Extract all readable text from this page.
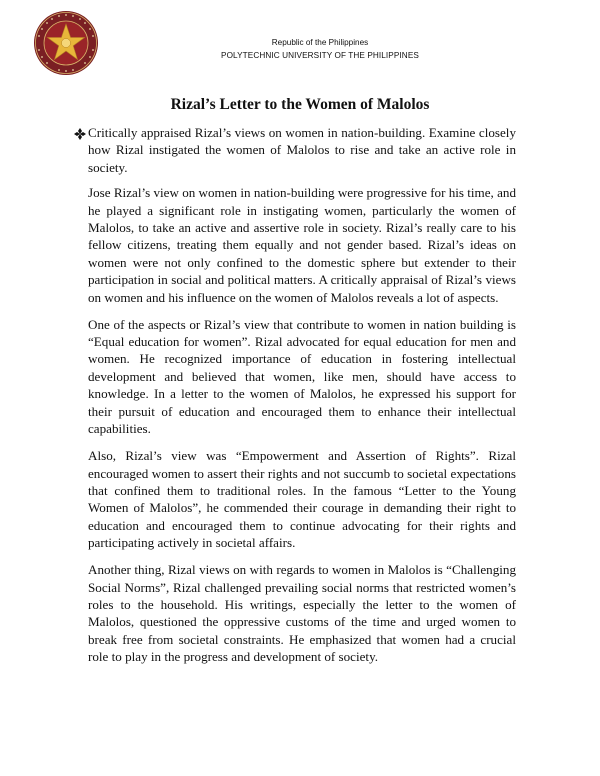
Republic of the Philippines
POLYTECHNIC UNIVERSITY OF THE PHILIPPINES
Rizal’s Letter to the Women of Malolos
Critically appraised Rizal’s views on women in nation-building. Examine closely how Rizal instigated the women of Malolos to rise and take an active role in society.

Jose Rizal’s view on women in nation-building were progressive for his time, and he played a significant role in instigating women, particularly the women of Malolos, to take an active and assertive role in society. Rizal’s really care to his fellow citizens, treating them equally and not gender based. Rizal’s ideas on women were not only confined to the domestic sphere but extender to their participation in social and political matters. A critically appraisal of Rizal’s views on women and his influence on the women of Malolos reveals a lot of aspects.

One of the aspects or Rizal’s view that contribute to women in nation building is “Equal education for women”. Rizal advocated for equal education for men and women. He recognized importance of education in fostering intellectual development and believed that women, like men, should have access to knowledge. In a letter to the women of Malolos, he expressed his support for their pursuit of education and encouraged them to enhance their intellectual capabilities.

Also, Rizal’s view was “Empowerment and Assertion of Rights”. Rizal encouraged women to assert their rights and not succumb to societal expectations that confined them to traditional roles. In the famous “Letter to the Young Women of Malolos”, he commended their courage in demanding their right to education and encouraged them to continue advocating for their rights and participating actively in societal affairs.

Another thing, Rizal views on with regards to women in Malolos is “Challenging Social Norms”, Rizal challenged prevailing social norms that restricted women’s roles to the household. His writings, especially the letter to the women of Malolos, questioned the oppressive customs of the time and urged women to break free from societal constraints. He emphasized that women had a crucial role to play in the progress and development of society.
